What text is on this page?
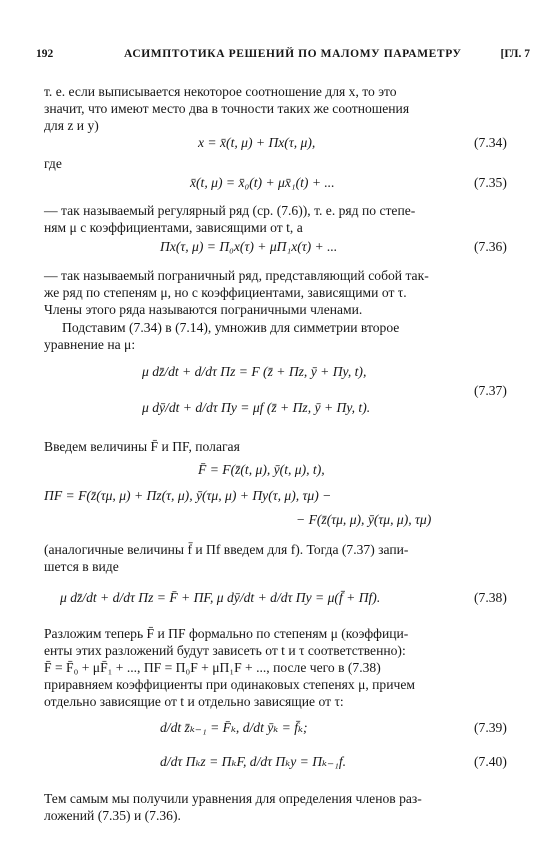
192	АСИМПТОТИКА РЕШЕНИЙ ПО МАЛОМУ ПАРАМЕТРУ	[ГЛ. 7
т. е. если выписывается некоторое соотношение для x, то это
значит, что имеют место два в точности таких же соотношения
для z и y)
x = x̄(t, μ) + Πx(τ, μ),	(7.34)
где
x̄(t, μ) = x̄₀(t) + μx̄₁(t) + ...	(7.35)
— так называемый регулярный ряд (ср. (7.6)), т. е. ряд по степе-
ням μ с коэффициентами, зависящими от t, а
Πx(τ, μ) = Π₀x(τ) + μΠ₁x(τ) + ...	(7.36)
— так называемый пограничный ряд, представляющий собой так-
же ряд по степеням μ, но с коэффициентами, зависящими от τ.
Члены этого ряда называются пограничными членами.
Подставим (7.34) в (7.14), умножив для симметрии второе
уравнение на μ:
μ dz̄/dt + d/dτ Πz = F (z̄ + Πz, ȳ + Πy, t),
μ dȳ/dt + d/dτ Πy = μf (z̄ + Πz, ȳ + Πy, t).
(7.37)
Введем величины F̄ и ΠF, полагая
F̄ = F(z̄(t, μ), ȳ(t, μ), t),
ΠF = F(z̄(τμ, μ) + Πz(τ, μ), ȳ(τμ, μ) + Πy(τ, μ), τμ) −
− F(z̄(τμ, μ), ȳ(τμ, μ), τμ)
(аналогичные величины f̄ и Πf введем для f). Тогда (7.37) запи-
шется в виде
μ dz̄/dt + d/dτ Πz = F̄ + ΠF, μ dȳ/dt + d/dτ Πy = μ(f̄ + Πf).	(7.38)
Разложим теперь F̄ и ΠF формально по степеням μ (коэффици-
енты этих разложений будут зависеть от t и τ соответственно):
F̄ = F̄₀ + μF̄₁ + ..., ΠF = Π₀F + μΠ₁F + ..., после чего в (7.38)
приравняем коэффициенты при одинаковых степенях μ, причем
отдельно зависящие от t и отдельно зависящие от τ:
d/dt z̄ₖ₋₁ = F̄ₖ, d/dt ȳₖ = f̄ₖ;	(7.39)
d/dτ Πₖz = ΠₖF, d/dτ Πₖy = Πₖ₋₁f.	(7.40)
Тем самым мы получили уравнения для определения членов раз-
ложений (7.35) и (7.36).
